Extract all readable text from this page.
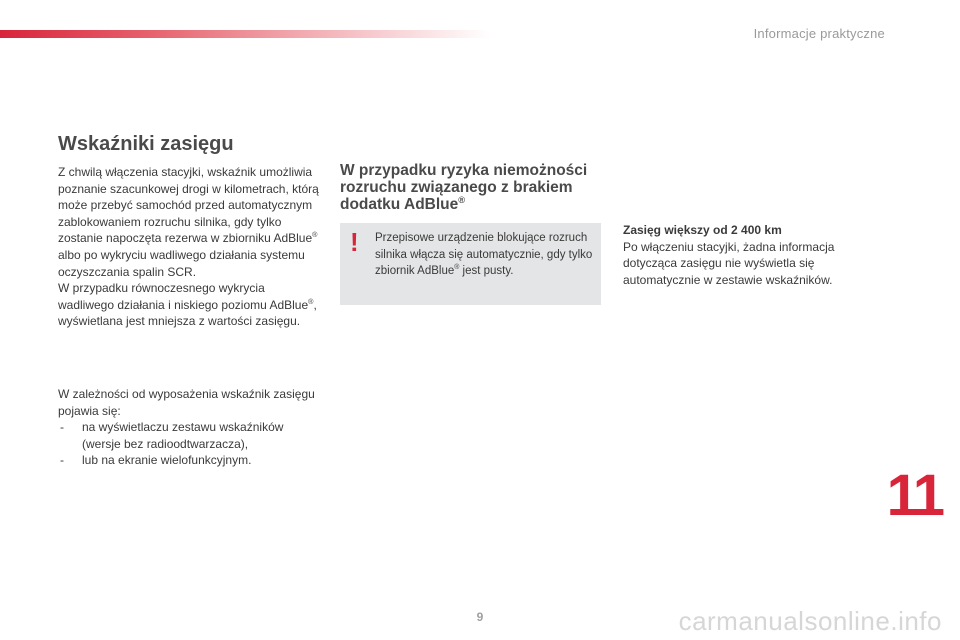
Informacje praktyczne
Wskaźniki zasięgu

Z chwilą włączenia stacyjki, wskaźnik umożliwia poznanie szacunkowej drogi w kilometrach, którą może przebyć samochód przed automatycznym zablokowaniem rozruchu silnika, gdy tylko zostanie napoczęta rezerwa w zbiorniku AdBlue® albo po wykryciu wadliwego działania systemu oczyszczania spalin SCR.

W przypadku równoczesnego wykrycia wadliwego działania i niskiego poziomu AdBlue®, wyświetlana jest mniejsza z wartości zasięgu.

W zależności od wyposażenia wskaźnik zasięgu pojawia się:

- na wyświetlaczu zestawu wskaźników (wersje bez radioodtwarzacza),
- lub na ekranie wielofunkcyjnym.
W przypadku ryzyka niemożności rozruchu związanego z brakiem dodatku AdBlue®
! Przepisowe urządzenie blokujące rozruch silnika włącza się automatycznie, gdy tylko zbiornik AdBlue® jest pusty.

Zasięg większy od 2 400 km

Po włączeniu stacyjki, żadna informacja dotycząca zasięgu nie wyświetla się automatycznie w zestawie wskaźników.

11
9	carmanualsonline.info
